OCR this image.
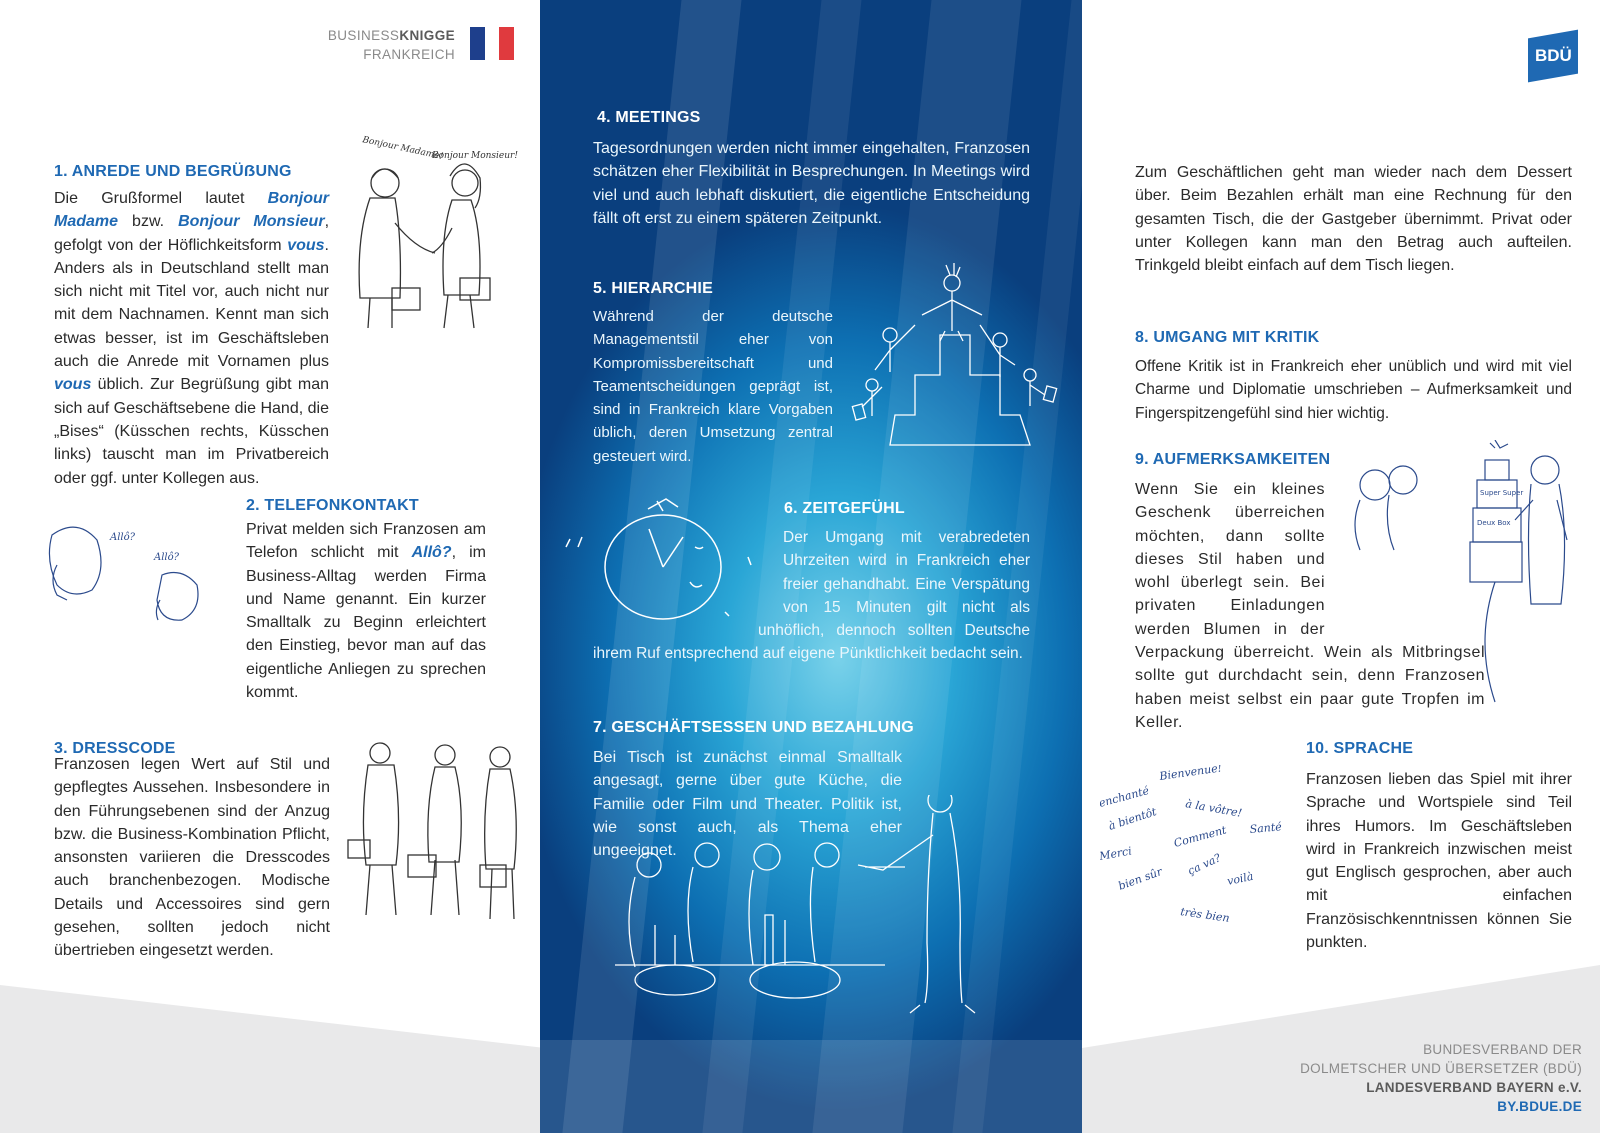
BUSINESSKNIGGE
FRANKREICH	BDÜ
1. ANREDE UND BEGRÜẞUNG
Bonjour Madame!
Bonjour Monsieur!
Die Grußformel lautet Bonjour Madame bzw. Bonjour Monsieur, gefolgt von der Höflichkeitsform vous. Anders als in Deutschland stellt man sich nicht mit Titel vor, auch nicht nur mit dem Nachnamen. Kennt man sich etwas besser, ist im Geschäftsleben auch die Anrede mit Vornamen plus vous üblich. Zur Begrüßung gibt man sich auf Geschäftsebene die Hand, die „Bises“ (Küsschen rechts, Küsschen links) tauscht man im Privatbereich oder ggf. unter Kollegen aus.
2. TELEFONKONTAKT
Allô?
Allô?
Privat melden sich Franzosen am Telefon schlicht mit Allô?, im Business-Alltag werden Firma und Name genannt. Ein kurzer Smalltalk zu Beginn erleichtert den Einstieg, bevor man auf das eigentliche Anliegen zu sprechen kommt.
3. DRESSCODE
Franzosen legen Wert auf Stil und gepflegtes Aussehen. Insbesondere in den Führungsebenen sind der Anzug bzw. die Business-Kombination Pflicht, ansonsten variieren die Dresscodes auch branchenbezogen. Modische Details und Accessoires sind gern gesehen, sollten jedoch nicht übertrieben eingesetzt werden.
4. MEETINGS
Tagesordnungen werden nicht immer eingehalten, Franzosen schätzen eher Flexibilität in Besprechungen. In Meetings wird viel und auch lebhaft diskutiert, die eigentliche Entscheidung fällt oft erst zu einem späteren Zeitpunkt.
5. HIERARCHIE
Während der deutsche Managementstil eher von Kompromissbereitschaft und Teamentscheidungen geprägt ist, sind in Frankreich klare Vorgaben üblich, deren Umsetzung zentral gesteuert wird.
6. ZEITGEFÜHL
Der Umgang mit verabredeten Uhrzeiten wird in Frankreich eher freier gehandhabt. Eine Verspätung von 15 Minuten gilt nicht als unhöflich, dennoch sollten Deutsche ihrem Ruf entsprechend auf eigene Pünktlichkeit bedacht sein.
7. GESCHÄFTSESSEN UND BEZAHLUNG
Bei Tisch ist zunächst einmal Smalltalk angesagt, gerne über gute Küche, die Familie oder Film und Theater. Politik ist, wie sonst auch, als Thema eher ungeeignet.
Zum Geschäftlichen geht man wieder nach dem Dessert über. Beim Bezahlen erhält man eine Rechnung für den gesamten Tisch, die der Gastgeber übernimmt. Privat oder unter Kollegen kann man den Betrag auch aufteilen. Trinkgeld bleibt einfach auf dem Tisch liegen.
8. UMGANG MIT KRITIK
Offene Kritik ist in Frankreich eher unüblich und wird mit viel Charme und Diplomatie umschrieben – Aufmerksamkeit und Fingerspitzengefühl sind hier wichtig.
9. AUFMERKSAMKEITEN
Wenn Sie ein kleines Geschenk überreichen möchten, dann sollte dieses Stil haben und wohl überlegt sein. Bei privaten Einladungen werden Blumen in der Verpackung überreicht. Wein als Mitbringsel sollte gut durchdacht sein, denn Franzosen haben meist selbst ein paar gute Tropfen im Keller.
Super Super
Deux Box
10. SPRACHE
Franzosen lieben das Spiel mit ihrer Sprache und Wortspiele sind Teil ihres Humors. Im Geschäftsleben wird in Frankreich inzwischen meist gut Englisch gesprochen, aber auch mit einfachen Französischkenntnissen können Sie punkten.
enchanté
Bienvenue!
à bientôt à la vôtre!
Merci
Comment Santé
bien sûr
ça va?
voilà
très bien
BUNDESVERBAND DER
DOLMETSCHER UND ÜBERSETZER (BDÜ)
LANDESVERBAND BAYERN e.V.
BY.BDUE.DE
